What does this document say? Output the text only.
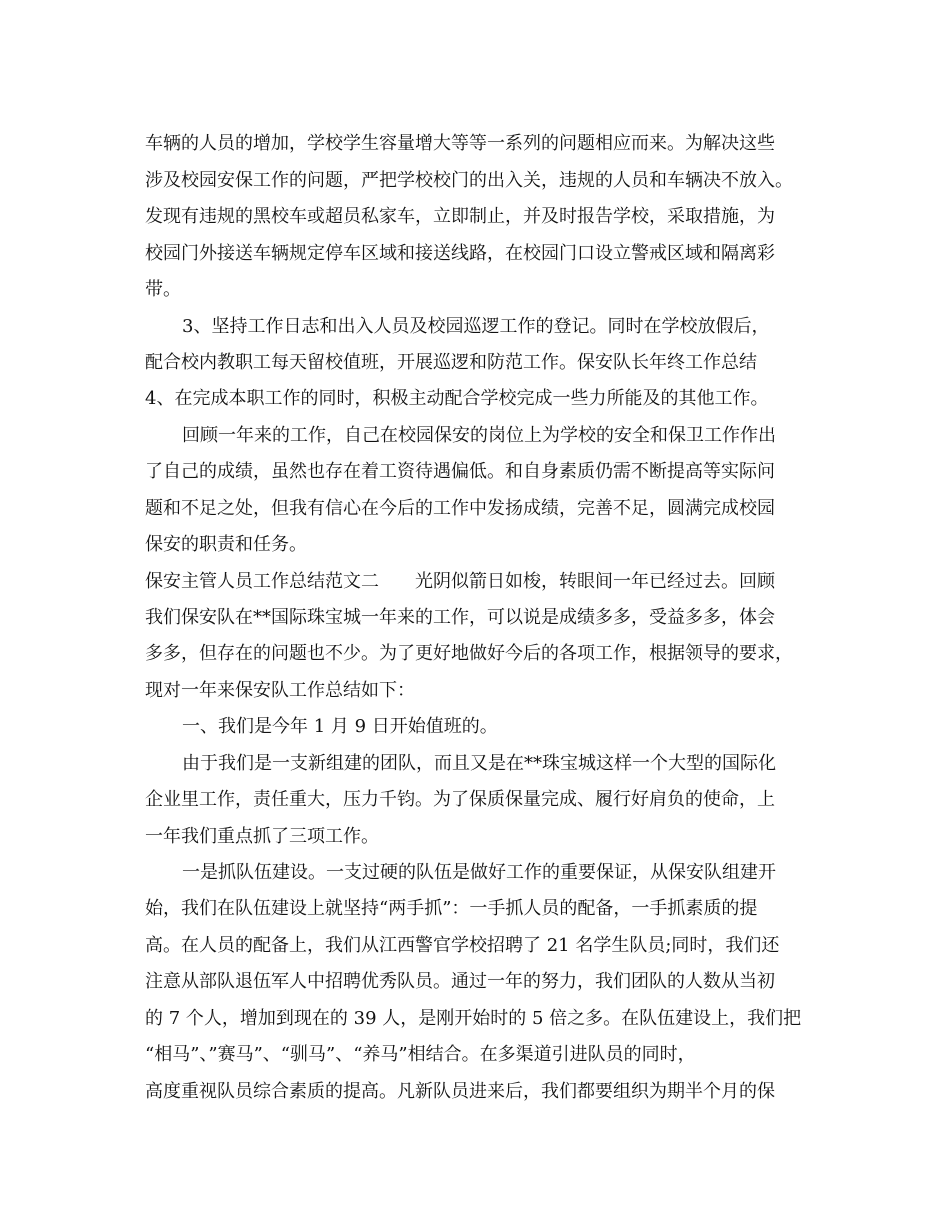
车辆的人员的增加，学校学生容量增大等等一系列的问题相应而来。为解决这些
涉及校园安保工作的问题，严把学校校门的出入关，违规的人员和车辆决不放入。
发现有违规的黑校车或超员私家车，立即制止，并及时报告学校，采取措施，为
校园门外接送车辆规定停车区域和接送线路，在校园门口设立警戒区域和隔离彩
带。
3、坚持工作日志和出入人员及校园巡逻工作的登记。同时在学校放假后，
配合校内教职工每天留校值班，开展巡逻和防范工作。保安队长年终工作总结
4、在完成本职工作的同时，积极主动配合学校完成一些力所能及的其他工作。
回顾一年来的工作，自己在校园保安的岗位上为学校的安全和保卫工作作出
了自己的成绩，虽然也存在着工资待遇偏低。和自身素质仍需不断提高等实际问
题和不足之处，但我有信心在今后的工作中发扬成绩，完善不足，圆满完成校园
保安的职责和任务。
保安主管人员工作总结范文二　　光阴似箭日如梭，转眼间一年已经过去。回顾
我们保安队在**国际珠宝城一年来的工作，可以说是成绩多多，受益多多，体会
多多，但存在的问题也不少。为了更好地做好今后的各项工作，根据领导的要求，
现对一年来保安队工作总结如下：
一、我们是今年 1 月 9 日开始值班的。
由于我们是一支新组建的团队，而且又是在**珠宝城这样一个大型的国际化
企业里工作，责任重大，压力千钧。为了保质保量完成、履行好肩负的使命，上
一年我们重点抓了三项工作。
一是抓队伍建设。一支过硬的队伍是做好工作的重要保证，从保安队组建开
始，我们在队伍建设上就坚持“两手抓”：一手抓人员的配备，一手抓素质的提
高。在人员的配备上，我们从江西警官学校招聘了 21 名学生队员;同时，我们还
注意从部队退伍军人中招聘优秀队员。通过一年的努力，我们团队的人数从当初
的 7 个人，增加到现在的 39 人，是刚开始时的 5 倍之多。在队伍建设上，我们把
“相马”、”赛马”、“驯马”、“养马”相结合。在多渠道引进队员的同时，
高度重视队员综合素质的提高。凡新队员进来后，我们都要组织为期半个月的保
